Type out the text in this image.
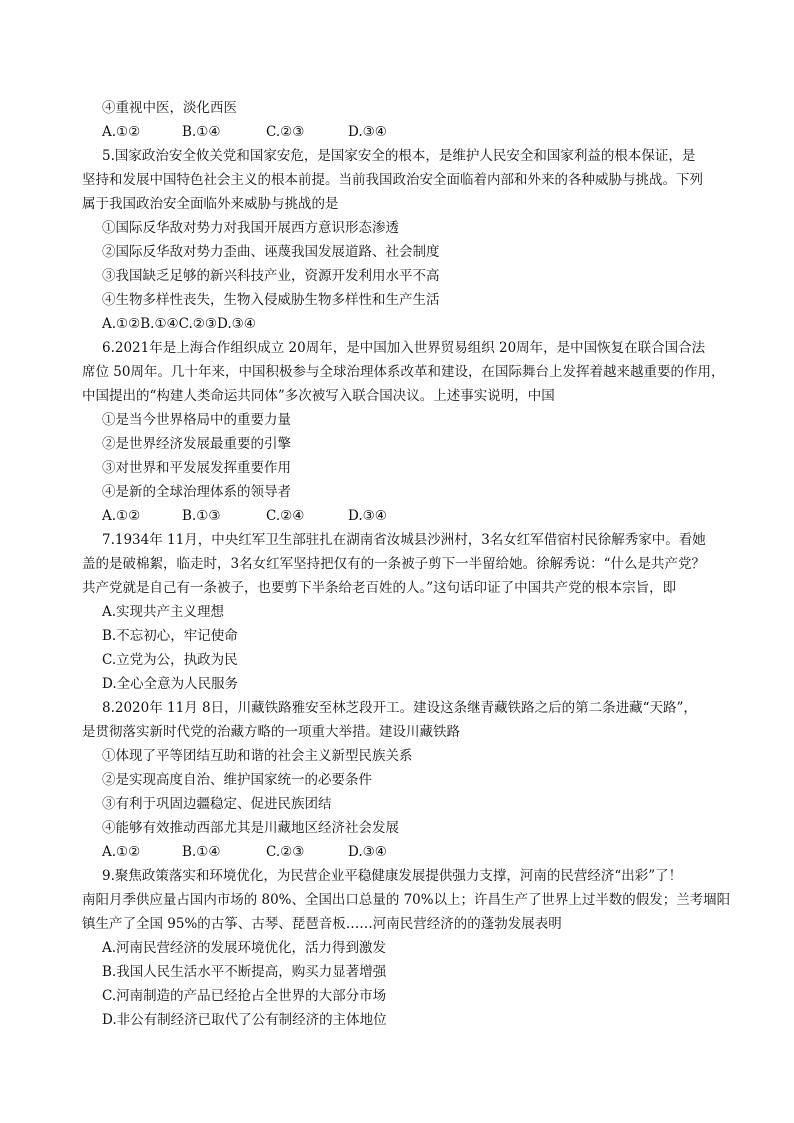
④重视中医，淡化西医
A.①②	B.①④	C.②③	D.③④
5.国家政治安全攸关党和国家安危，是国家安全的根本，是维护人民安全和国家利益的根本保证，是
坚持和发展中国特色社会主义的根本前提。当前我国政治安全面临着内部和外来的各种威胁与挑战。下列
属于我国政治安全面临外来威胁与挑战的是
①国际反华敌对势力对我国开展西方意识形态渗透
②国际反华敌对势力歪曲、诬蔑我国发展道路、社会制度
③我国缺乏足够的新兴科技产业，资源开发利用水平不高
④生物多样性丧失，生物入侵威胁生物多样性和生产生活
A.①②B.①④C.②③D.③④
6.2021年是上海合作组织成立 20周年，是中国加入世界贸易组织 20周年，是中国恢复在联合国合法
席位 50周年。几十年来，中国积极参与全球治理体系改革和建设，在国际舞台上发挥着越来越重要的作用，
中国提出的“构建人类命运共同体”多次被写入联合国决议。上述事实说明，中国
①是当今世界格局中的重要力量
②是世界经济发展最重要的引擎
③对世界和平发展发挥重要作用
④是新的全球治理体系的领导者
A.①②	B.①③	C.②④	D.③④
7.1934年 11月，中央红军卫生部驻扎在湖南省汝城县沙洲村，3名女红军借宿村民徐解秀家中。看她
盖的是破棉絮，临走时，3名女红军坚持把仅有的一条被子剪下一半留给她。徐解秀说：“什么是共产党？
共产党就是自己有一条被子，也要剪下半条给老百姓的人。”这句话印证了中国共产党的根本宗旨，即
A.实现共产主义理想
B.不忘初心，牢记使命
C.立党为公，执政为民
D.全心全意为人民服务
8.2020年 11月 8日，川藏铁路雅安至林芝段开工。建设这条继青藏铁路之后的第二条进藏“天路”，
是贯彻落实新时代党的治藏方略的一项重大举措。建设川藏铁路
①体现了平等团结互助和谐的社会主义新型民族关系
②是实现高度自治、维护国家统一的必要条件
③有利于巩固边疆稳定、促进民族团结
④能够有效推动西部尤其是川藏地区经济社会发展
A.①②	B.①④	C.②③	D.③④
9.聚焦政策落实和环境优化，为民营企业平稳健康发展提供强力支撑，河南的民营经济“出彩”了！
南阳月季供应量占国内市场的 80%、全国出口总量的 70%以上；许昌生产了世界上过半数的假发；兰考堌阳
镇生产了全国 95%的古筝、古琴、琵琶音板……河南民营经济的的蓬勃发展表明
A.河南民营经济的发展环境优化，活力得到激发
B.我国人民生活水平不断提高，购买力显著增强
C.河南制造的产品已经抢占全世界的大部分市场
D.非公有制经济已取代了公有制经济的主体地位
